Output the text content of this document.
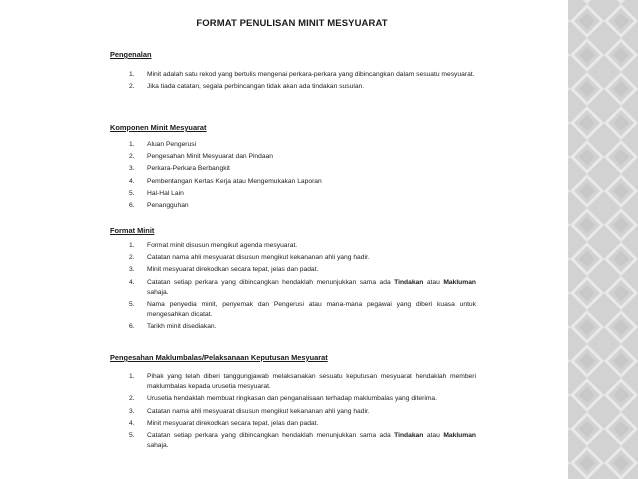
FORMAT PENULISAN MINIT MESYUARAT
Pengenalan
1. Minit adalah satu rekod yang bertulis mengenai perkara-perkara yang dibincangkan dalam sesuatu mesyuarat.
2. Jika tiada catatan, segala perbincangan tidak akan ada tindakan susulan.
Komponen Minit Mesyuarat
1. Aluan Pengerusi
2. Pengesahan Minit Mesyuarat dan Pindaan
3. Perkara-Perkara Berbangkit
4. Pembentangan Kertas Kerja atau Mengemukakan Laporan
5. Hal-Hal Lain
6. Penangguhan
Format Minit
1. Format minit disusun mengikut agenda mesyuarat.
2. Catatan nama ahli mesyuarat disusun mengikut kekananan ahli yang hadir.
3. Minit mesyuarat direkodkan secara tepat, jelas dan padat.
4. Catatan setiap perkara yang dibincangkan hendaklah menunjukkan sama ada Tindakan atau Makluman sahaja.
5. Nama penyedia minit, penyemak dan Pengerusi atau mana-mana pegawai yang diberi kuasa untuk mengesahkan dicatat.
6. Tarikh minit disediakan.
Pengesahan Maklumbalas/Pelaksanaan Keputusan Mesyuarat
1. Pihak yang telah diberi tanggungjawab melaksanakan sesuatu keputusan mesyuarat hendaklah memberi maklumbalas kepada urusetia mesyuarat.
2. Urusetia hendaklah membuat ringkasan dan penganalisaan terhadap maklumbalas yang diterima.
3. Catatan nama ahli mesyuarat disusun mengikut kekananan ahli yang hadir.
4. Minit mesyuarat direkodkan secara tepat, jelas dan padat.
5. Catatan setiap perkara yang dibincangkan hendaklah menunjukkan sama ada Tindakan atau Makluman sahaja.
